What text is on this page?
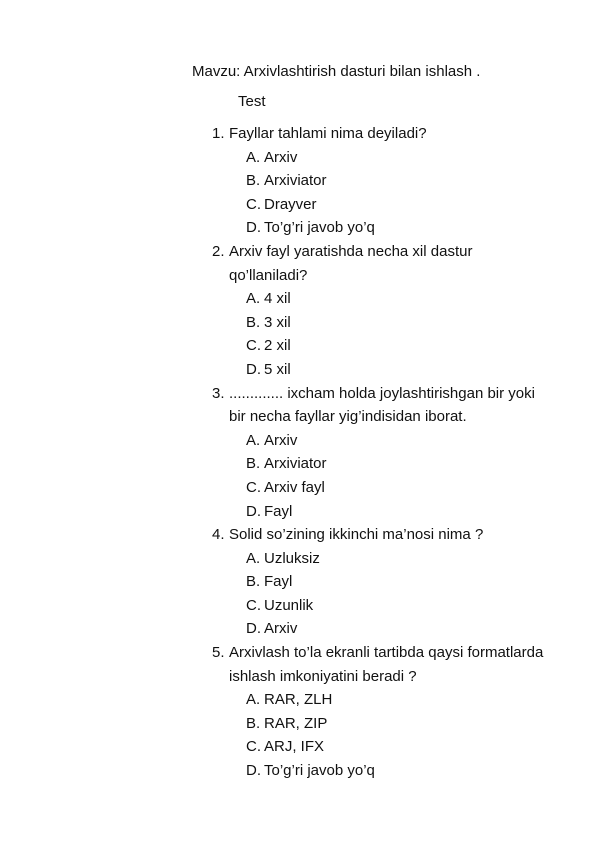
Mavzu: Arxivlashtirish dasturi bilan ishlash .
Test
1. Fayllar tahlami nima deyiladi?
A. Arxiv
B. Arxiviator
C. Drayver
D. To’g’ri javob yo’q
2. Arxiv fayl yaratishda necha xil dastur qo’llaniladi?
A. 4 xil
B. 3 xil
C. 2 xil
D. 5 xil
3. ............. ixcham holda joylashtirishgan bir yoki bir necha fayllar yig’indisidan iborat.
A. Arxiv
B. Arxiviator
C. Arxiv fayl
D. Fayl
4. Solid so’zining ikkinchi ma’nosi nima ?
A. Uzluksiz
B. Fayl
C. Uzunlik
D. Arxiv
5. Arxivlash to’la ekranli tartibda qaysi formatlarda ishlash imkoniyatini beradi ?
A. RAR, ZLH
B. RAR, ZIP
C. ARJ, IFX
D. To’g’ri javob yo’q
